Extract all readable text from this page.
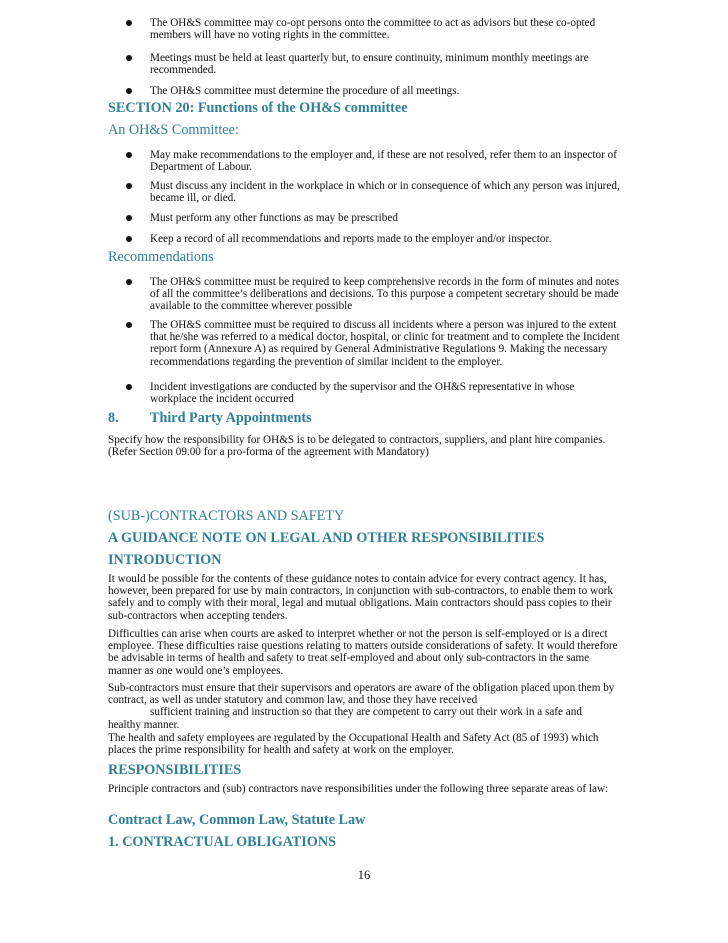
The OH&S committee may co-opt persons onto the committee to act as advisors but these co-opted members will have no voting rights in the committee.
Meetings must be held at least quarterly but, to ensure continuity, minimum monthly meetings are recommended.
The OH&S committee must determine the procedure of all meetings.
SECTION 20: Functions of the OH&S committee
An OH&S Committee:
May make recommendations to the employer and, if these are not resolved, refer them to an inspector of Department of Labour.
Must discuss any incident in the workplace in which or in consequence of which any person was injured, became ill, or died.
Must perform any other functions as may be prescribed
Keep a record of all recommendations and reports made to the employer and/or inspector.
Recommendations
The OH&S committee must be required to keep comprehensive records in the form of minutes and notes of all the committee’s deliberations and decisions. To this purpose a competent secretary should be made available to the committee wherever possible
The OH&S committee must be required to discuss all incidents where a person was injured to the extent that he/she was referred to a medical doctor, hospital, or clinic for treatment and to complete the Incident report form (Annexure A) as required by General Administrative Regulations 9. Making the necessary recommendations regarding the prevention of similar incident to the employer.
Incident investigations are conducted by the supervisor and the OH&S representative in whose workplace the incident occurred
8. Third Party Appointments
Specify how the responsibility for OH&S is to be delegated to contractors, suppliers, and plant hire companies. (Refer Section 09.00 for a pro-forma of the agreement with Mandatory)
(SUB-)CONTRACTORS AND SAFETY
A GUIDANCE NOTE ON LEGAL AND OTHER RESPONSIBILITIES
INTRODUCTION
It would be possible for the contents of these guidance notes to contain advice for every contract agency. It has, however, been prepared for use by main contractors, in conjunction with sub-contractors, to enable them to work safely and to comply with their moral, legal and mutual obligations. Main contractors should pass copies to their sub-contractors when accepting tenders.
Difficulties can arise when courts are asked to interpret whether or not the person is self-employed or is a direct employee. These difficulties raise questions relating to matters outside considerations of safety. It would therefore be advisable in terms of health and safety to treat self-employed and about only sub-contractors in the same manner as one would one’s employees.
Sub-contractors must ensure that their supervisors and operators are aware of the obligation placed upon them by contract, as well as under statutory and common law, and those they have received
sufficient training and instruction so that they are competent to carry out their work in a safe and
healthy manner.
The health and safety employees are regulated by the Occupational Health and Safety Act (85 of 1993) which places the prime responsibility for health and safety at work on the employer.
RESPONSIBILITIES
Principle contractors and (sub) contractors nave responsibilities under the following three separate areas of law:
Contract Law, Common Law, Statute Law
1. CONTRACTUAL OBLIGATIONS
16
